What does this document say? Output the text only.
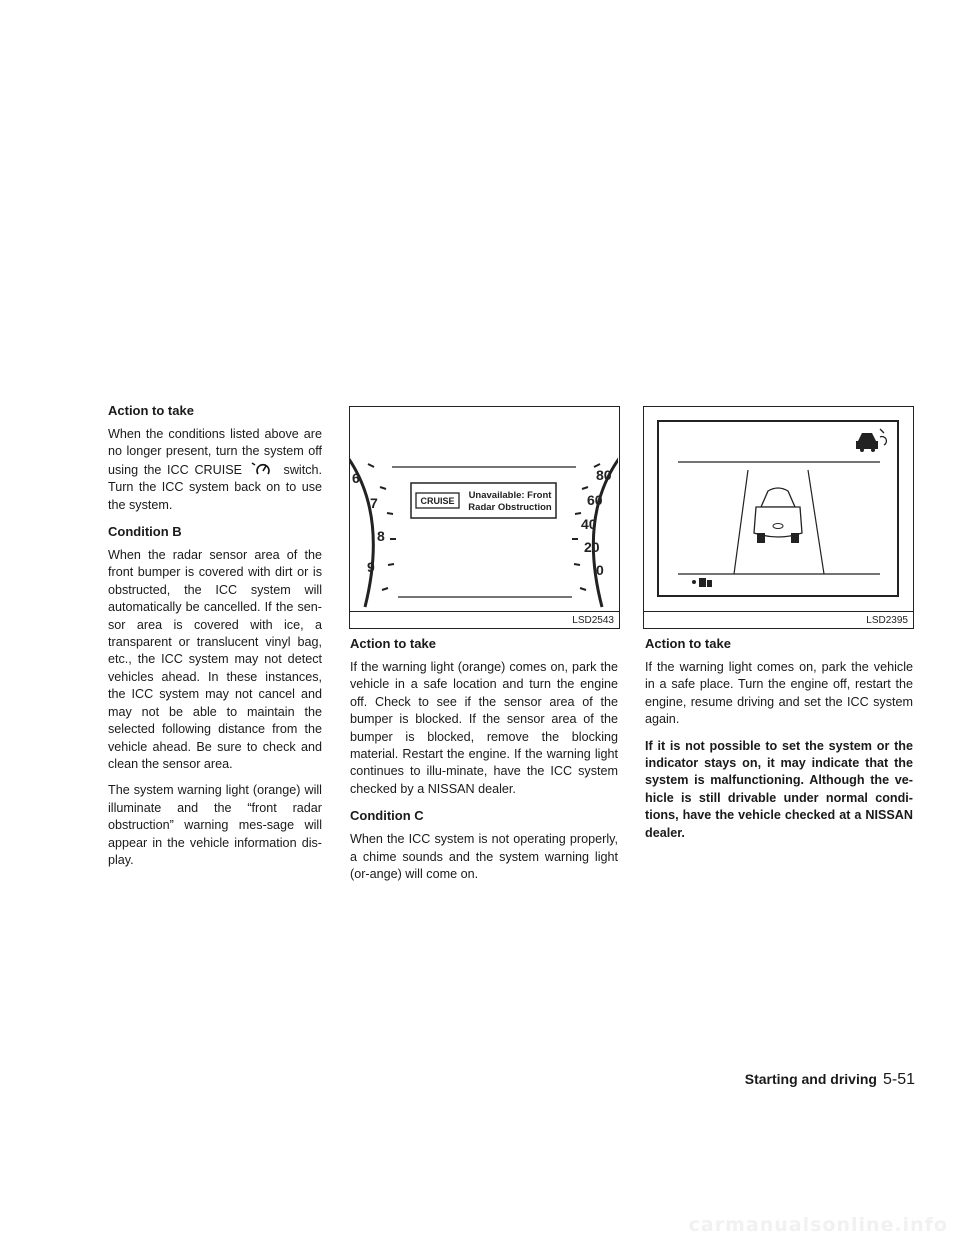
Action to take

When the conditions listed above are no longer present, turn the system off using the ICC CRUISE	switch. Turn the ICC system back on to use the system.

Condition B

When the radar sensor area of the front bumper is covered with dirt or is obstructed, the ICC system will automatically be cancelled. If the sen-sor area is covered with ice, a transparent or translucent vinyl bag, etc., the ICC system may not detect vehicles ahead. In these instances, the ICC system may not cancel and may not be able to maintain the selected following distance from the vehicle ahead. Be sure to check and clean the sensor area.

The system warning light (orange) will illuminate and the “front radar obstruction” warning mes-sage will appear in the vehicle information dis-play.

6
7
8
9
80
60
40
20
0
CRUISE Unavailable: Front
Radar Obstruction
LSD2543	LSD2395
Action to take

If the warning light (orange) comes on, park the vehicle in a safe location and turn the engine off. Check to see if the sensor area of the bumper is blocked. If the sensor area of the bumper is blocked, remove the blocking material. Restart the engine. If the warning light continues to illu-minate, have the ICC system checked by a NISSAN dealer.

Condition C

When the ICC system is not operating properly, a chime sounds and the system warning light (or-ange) will come on.

Action to take

If the warning light comes on, park the vehicle in a safe place. Turn the engine off, restart the engine, resume driving and set the ICC system again.

If it is not possible to set the system or the indicator stays on, it may indicate that the system is malfunctioning. Although the ve-hicle is still drivable under normal condi-tions, have the vehicle checked at a NISSAN dealer.

Starting and driving 5-51
carmanualsonline.info
